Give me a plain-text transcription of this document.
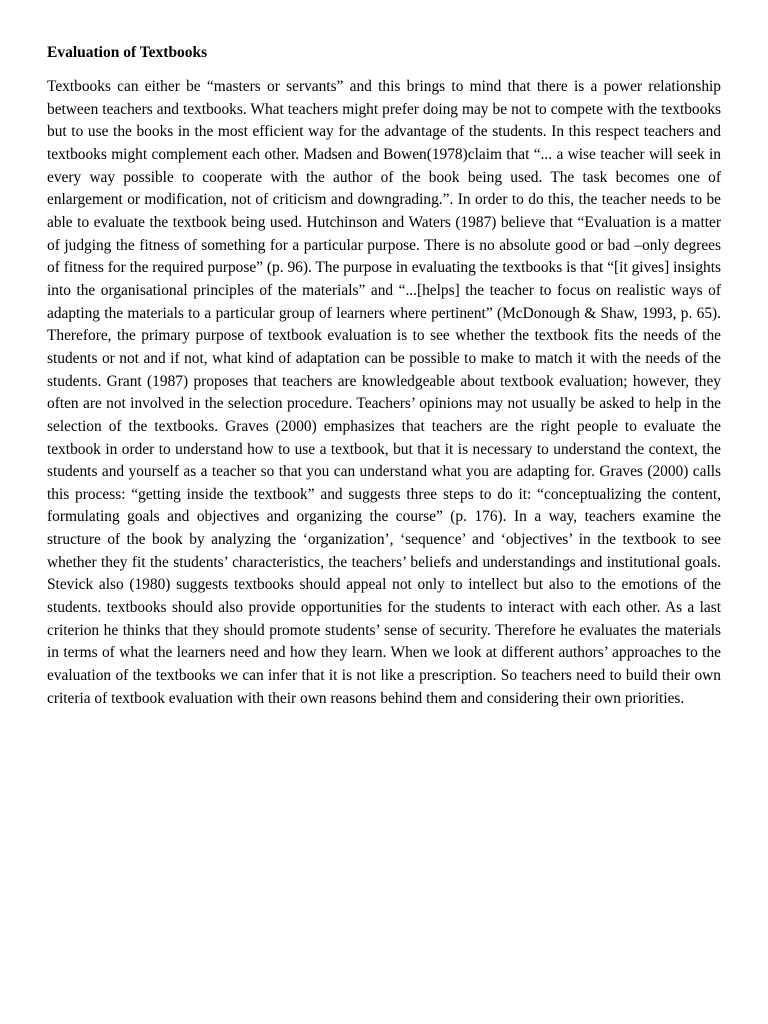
Evaluation of Textbooks

Textbooks can either be “masters or servants” and this brings to mind that there is a power relationship between teachers and textbooks. What teachers might prefer doing may be not to compete with the textbooks but to use the books in the most efficient way for the advantage of the students. In this respect teachers and textbooks might complement each other. Madsen and Bowen(1978)claim that “... a wise teacher will seek in every way possible to cooperate with the author of the book being used. The task becomes one of enlargement or modification, not of criticism and downgrading.”. In order to do this, the teacher needs to be able to evaluate the textbook being used. Hutchinson and Waters (1987) believe that “Evaluation is a matter of judging the fitness of something for a particular purpose. There is no absolute good or bad –only degrees of fitness for the required purpose” (p. 96). The purpose in evaluating the textbooks is that “[it gives] insights into the organisational principles of the materials” and “...[helps] the teacher to focus on realistic ways of adapting the materials to a particular group of learners where pertinent” (McDonough & Shaw, 1993, p. 65). Therefore, the primary purpose of textbook evaluation is to see whether the textbook fits the needs of the students or not and if not, what kind of adaptation can be possible to make to match it with the needs of the students. Grant (1987) proposes that teachers are knowledgeable about textbook evaluation; however, they often are not involved in the selection procedure. Teachers’ opinions may not usually be asked to help in the selection of the textbooks. Graves (2000) emphasizes that teachers are the right people to evaluate the textbook in order to understand how to use a textbook, but that it is necessary to understand the context, the students and yourself as a teacher so that you can understand what you are adapting for. Graves (2000) calls this process: “getting inside the textbook” and suggests three steps to do it: “conceptualizing the content, formulating goals and objectives and organizing the course” (p. 176). In a way, teachers examine the structure of the book by analyzing the ‘organization’, ‘sequence’ and ‘objectives’ in the textbook to see whether they fit the students’ characteristics, the teachers’ beliefs and understandings and institutional goals. Stevick also (1980) suggests textbooks should appeal not only to intellect but also to the emotions of the students. textbooks should also provide opportunities for the students to interact with each other. As a last criterion he thinks that they should promote students’ sense of security. Therefore he evaluates the materials in terms of what the learners need and how they learn. When we look at different authors’ approaches to the evaluation of the textbooks we can infer that it is not like a prescription. So teachers need to build their own criteria of textbook evaluation with their own reasons behind them and considering their own priorities.
